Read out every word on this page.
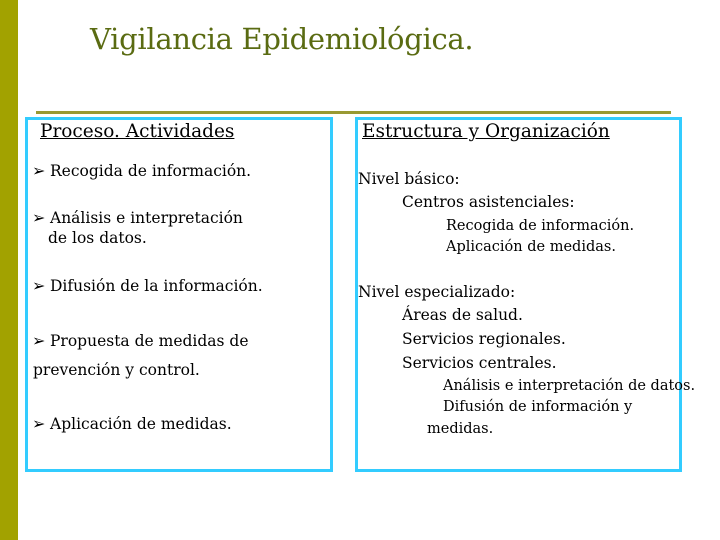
Vigilancia Epidemiológica.
Proceso. Actividades
➢ Recogida de información.
➢ Análisis e interpretación
de los datos.
➢ Difusión de la información.
➢ Propuesta de medidas de
prevención y control.
➢ Aplicación de medidas.
Estructura y Organización
Nivel básico:
Centros asistenciales:
Recogida de información.
Aplicación de medidas.
Nivel especializado:
Áreas de salud.
Servicios regionales.
Servicios centrales.
Análisis e interpretación de datos.
Difusión de información y
medidas.
